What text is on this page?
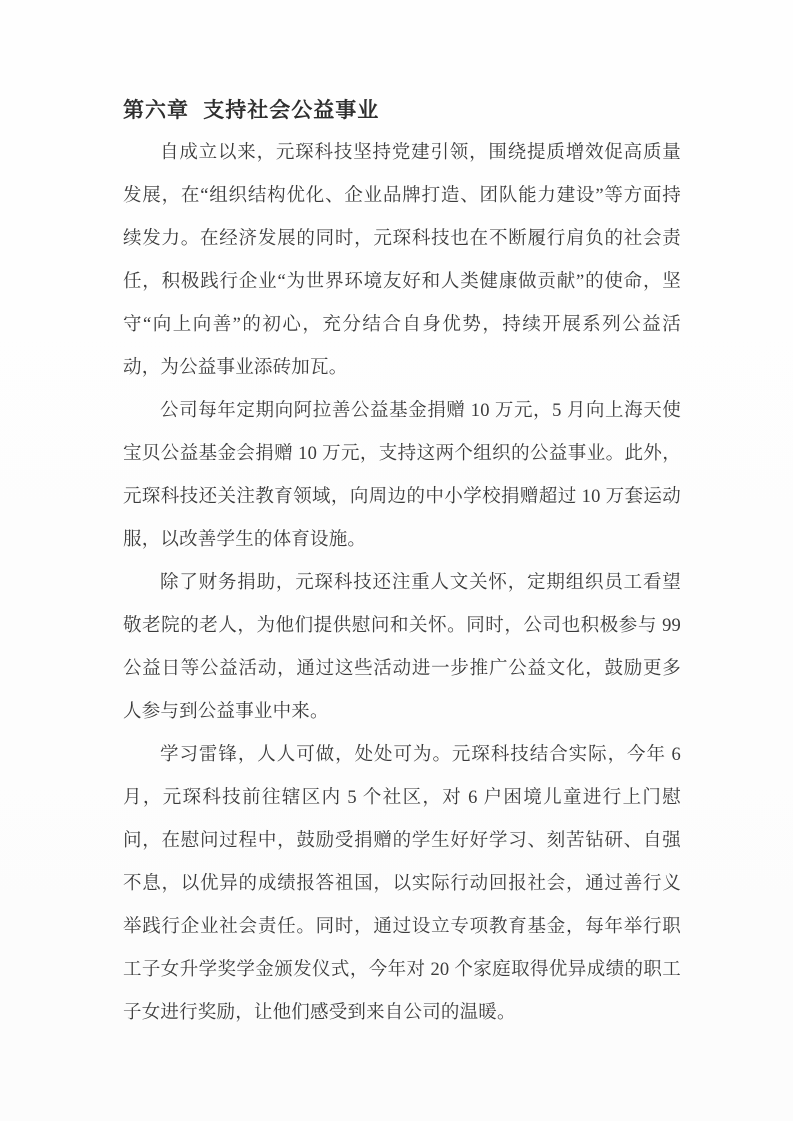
第六章 支持社会公益事业

自成立以来，元琛科技坚持党建引领，围绕提质增效促高质量发展，在“组织结构优化、企业品牌打造、团队能力建设”等方面持续发力。在经济发展的同时，元琛科技也在不断履行肩负的社会责任，积极践行企业“为世界环境友好和人类健康做贡献”的使命，坚守“向上向善”的初心，充分结合自身优势，持续开展系列公益活动，为公益事业添砖加瓦。

公司每年定期向阿拉善公益基金捐赠 10 万元，5 月向上海天使宝贝公益基金会捐赠 10 万元，支持这两个组织的公益事业。此外，元琛科技还关注教育领域，向周边的中小学校捐赠超过 10 万套运动服，以改善学生的体育设施。

除了财务捐助，元琛科技还注重人文关怀，定期组织员工看望敬老院的老人，为他们提供慰问和关怀。同时，公司也积极参与 99 公益日等公益活动，通过这些活动进一步推广公益文化，鼓励更多人参与到公益事业中来。

学习雷锋，人人可做，处处可为。元琛科技结合实际，今年 6 月，元琛科技前往辖区内 5 个社区，对 6 户困境儿童进行上门慰问，在慰问过程中，鼓励受捐赠的学生好好学习、刻苦钻研、自强不息，以优异的成绩报答祖国，以实际行动回报社会，通过善行义举践行企业社会责任。同时，通过设立专项教育基金，每年举行职工子女升学奖学金颁发仪式，今年对 20 个家庭取得优异成绩的职工子女进行奖励，让他们感受到来自公司的温暖。
